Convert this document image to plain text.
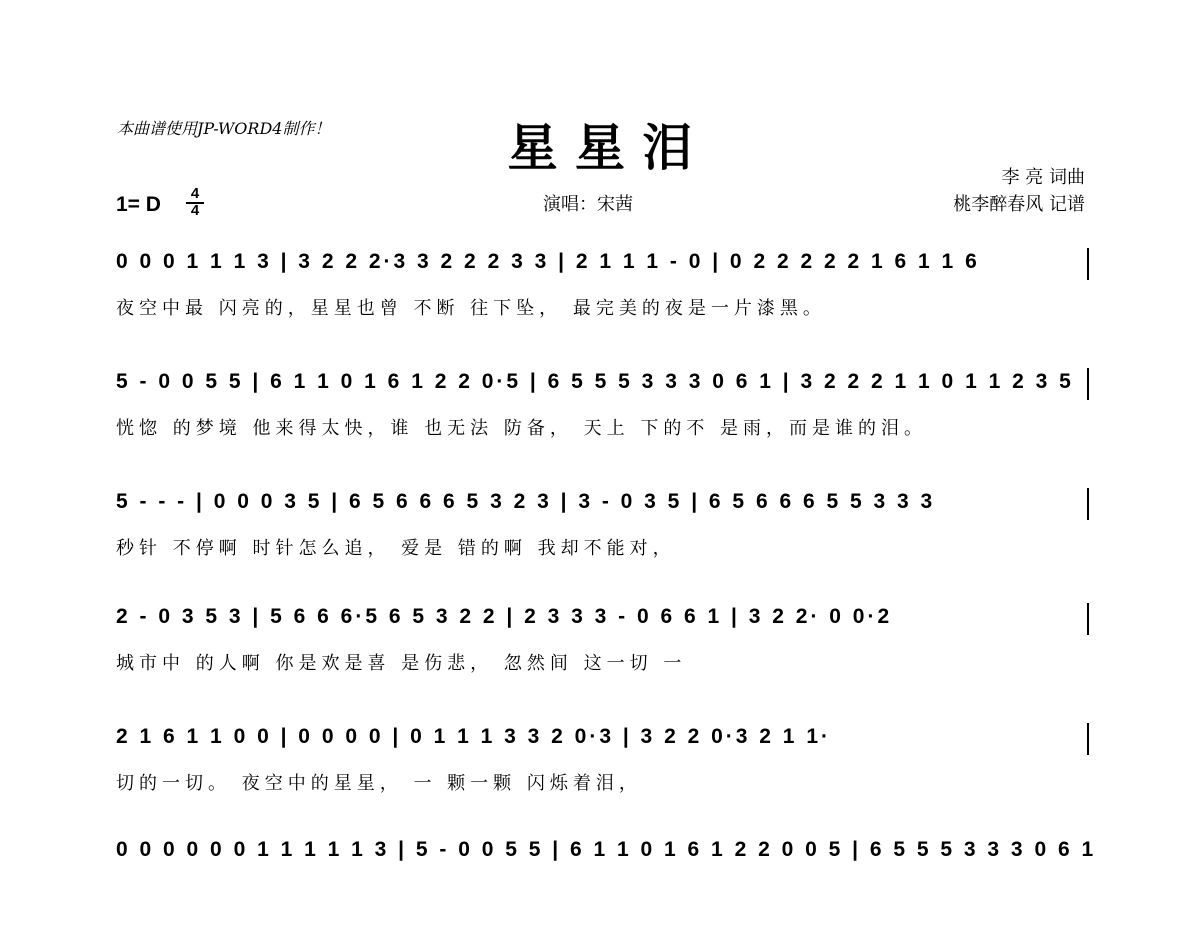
本曲谱使用JP-WORD4制作！	星 星 泪
李 亮 词曲
桃李醉春风 记谱
演唱：宋茜
1= D $\frac{4}{4}$
0 0 0 1 1 1 3 | 3 2 2 2·3 3 2 2 2 3 3 | 2 1 1 1 - 0 | 0 2 2 2 2 2 1 6 1 1 6
夜空中最 闪亮的，星星也曾 不断 往下坠， 最完美的夜是一片漆黑。
5 - 0 0 5 5 | 6 1 1 0 1 6 1 2 2 0·5 | 6 5 5 5 3 3 3 0 6 1 | 3 2 2 2 1 1 0 1 1 2 3 5
恍惚 的梦境 他来得太快，谁 也无法 防备， 天上 下的不 是雨，而是谁的泪。
5 - - - | 0 0 0 3 5 | 6 5 6 6 6 5 3 2 3 | 3 - 0 3 5 | 6 5 6 6 6 5 5 3 3 3
秒针 不停啊 时针怎么追， 爱是 错的啊 我却不能对，
2 - 0 3 5 3 | 5 6 6 6·5 6 5 3 2 2 | 2 3 3 3 - 0 6 6 1 | 3 2 2· 0 0·2
城市中 的人啊 你是欢是喜 是伤悲， 忽然间 这一切 一
2 1 6 1 1 0 0 | 0 0 0 0 | 0 1 1 1 3 3 2 0·3 | 3 2 2 0·3 2 1 1·
切的一切。 夜空中的星星， 一 颗一颗 闪烁着泪，
0 0 0 0 0 0 1 1 1 1 1 3 | 5 - 0 0 5 5 | 6 1 1 0 1 6 1 2 2 0 0 5 | 6 5 5 5 3 3 3 0 6 1
